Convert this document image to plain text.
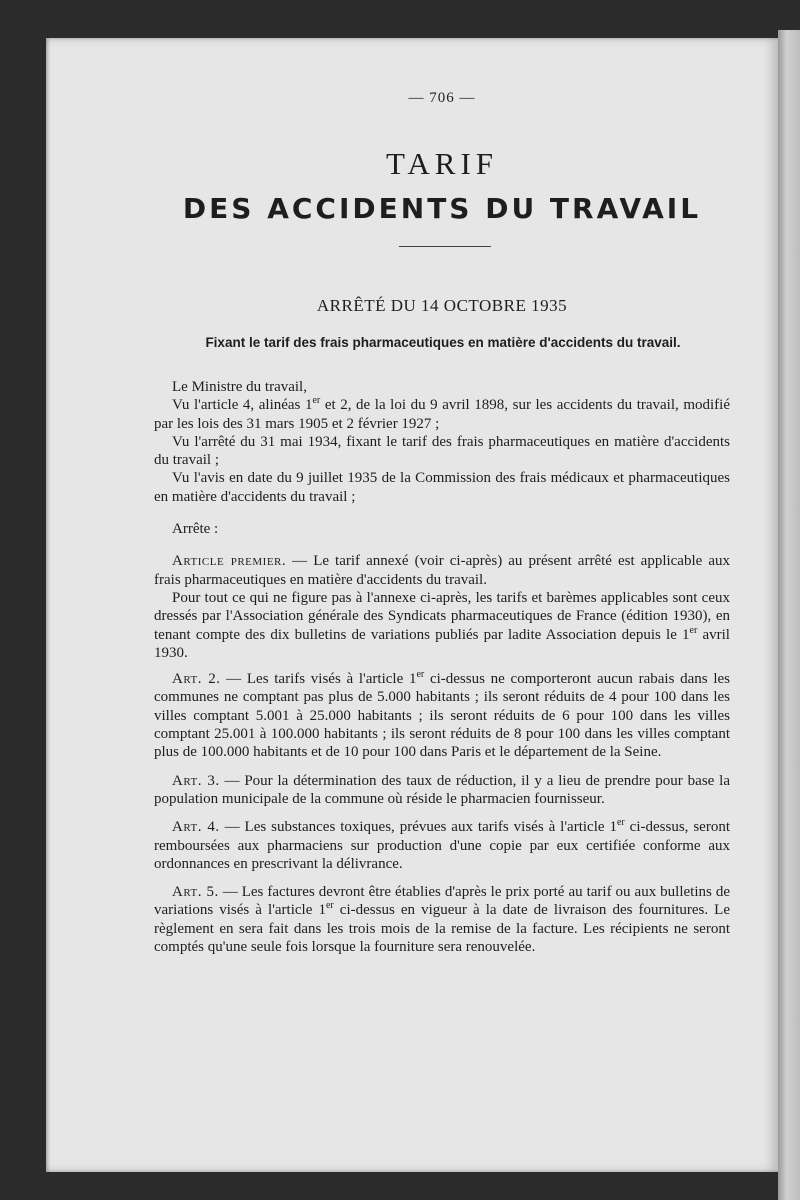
— 706 —
TARIF
DES ACCIDENTS DU TRAVAIL
ARRÊTÉ DU 14 OCTOBRE 1935
Fixant le tarif des frais pharmaceutiques en matière d'accidents du travail.

Le Ministre du travail,

Vu l'article 4, alinéas 1er et 2, de la loi du 9 avril 1898, sur les accidents du travail, modifié par les lois des 31 mars 1905 et 2 février 1927 ;

Vu l'arrêté du 31 mai 1934, fixant le tarif des frais pharmaceutiques en matière d'accidents du travail ;

Vu l'avis en date du 9 juillet 1935 de la Commission des frais médicaux et pharmaceutiques en matière d'accidents du travail ;

Arrête :

Article premier. — Le tarif annexé (voir ci-après) au présent arrêté est applicable aux frais pharmaceutiques en matière d'accidents du travail.

Pour tout ce qui ne figure pas à l'annexe ci-après, les tarifs et barèmes applicables sont ceux dressés par l'Association générale des Syndicats pharmaceutiques de France (édition 1930), en tenant compte des dix bulletins de variations publiés par ladite Association depuis le 1er avril 1930.

Art. 2. — Les tarifs visés à l'article 1er ci-dessus ne comporteront aucun rabais dans les communes ne comptant pas plus de 5.000 habitants ; ils seront réduits de 4 pour 100 dans les villes comptant 5.001 à 25.000 habitants ; ils seront réduits de 6 pour 100 dans les villes comptant 25.001 à 100.000 habitants ; ils seront réduits de 8 pour 100 dans les villes comptant plus de 100.000 habitants et de 10 pour 100 dans Paris et le département de la Seine.

Art. 3. — Pour la détermination des taux de réduction, il y a lieu de prendre pour base la population municipale de la commune où réside le pharmacien fournisseur.

Art. 4. — Les substances toxiques, prévues aux tarifs visés à l'article 1er ci-dessus, seront remboursées aux pharmaciens sur production d'une copie par eux certifiée conforme aux ordonnances en prescrivant la délivrance.

Art. 5. — Les factures devront être établies d'après le prix porté au tarif ou aux bulletins de variations visés à l'article 1er ci-dessus en vigueur à la date de livraison des fournitures. Le règlement en sera fait dans les trois mois de la remise de la facture. Les récipients ne seront comptés qu'une seule fois lorsque la fourniture sera renouvelée.
